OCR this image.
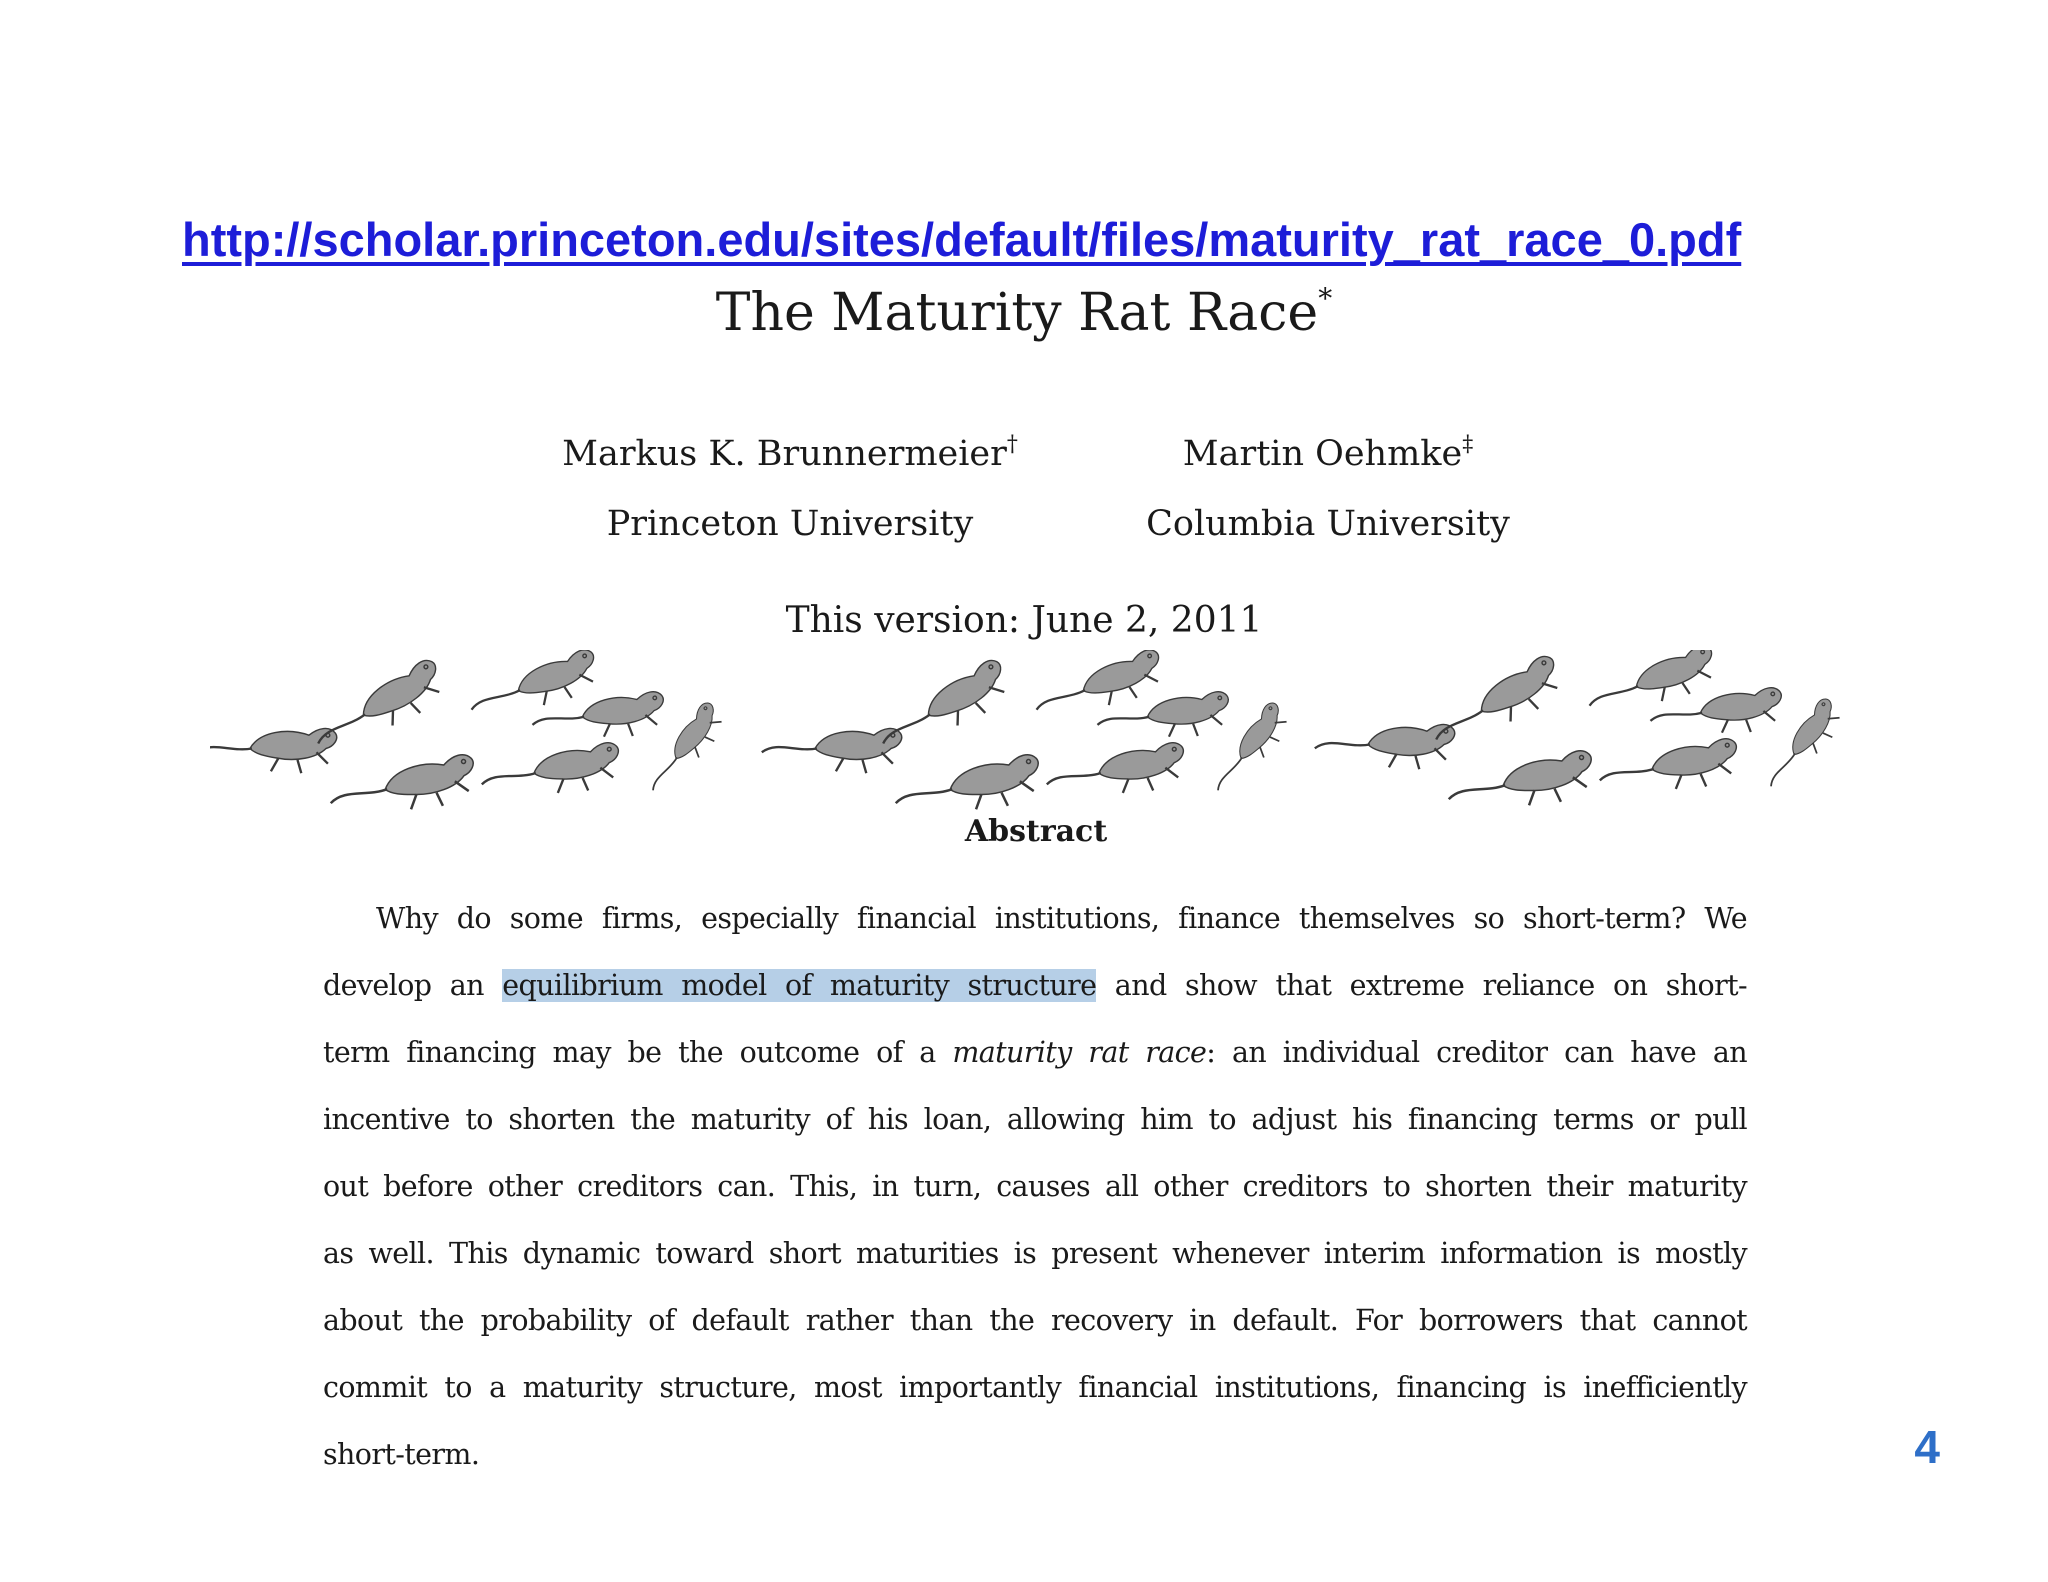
http://scholar.princeton.edu/sites/default/files/maturity_rat_race_0.pdf
The Maturity Rat Race*
Markus K. Brunnermeier†
Princeton University
Martin Oehmke‡
Columbia University
This version: June 2, 2011
Abstract
Why do some firms, especially financial institutions, finance themselves so short-term? We
develop an equilibrium model of maturity structure and show that extreme reliance on short-
term financing may be the outcome of a maturity rat race: an individual creditor can have an
incentive to shorten the maturity of his loan, allowing him to adjust his financing terms or pull
out before other creditors can. This, in turn, causes all other creditors to shorten their maturity
as well. This dynamic toward short maturities is present whenever interim information is mostly
about the probability of default rather than the recovery in default. For borrowers that cannot
commit to a maturity structure, most importantly financial institutions, financing is inefficiently
short-term.	4
